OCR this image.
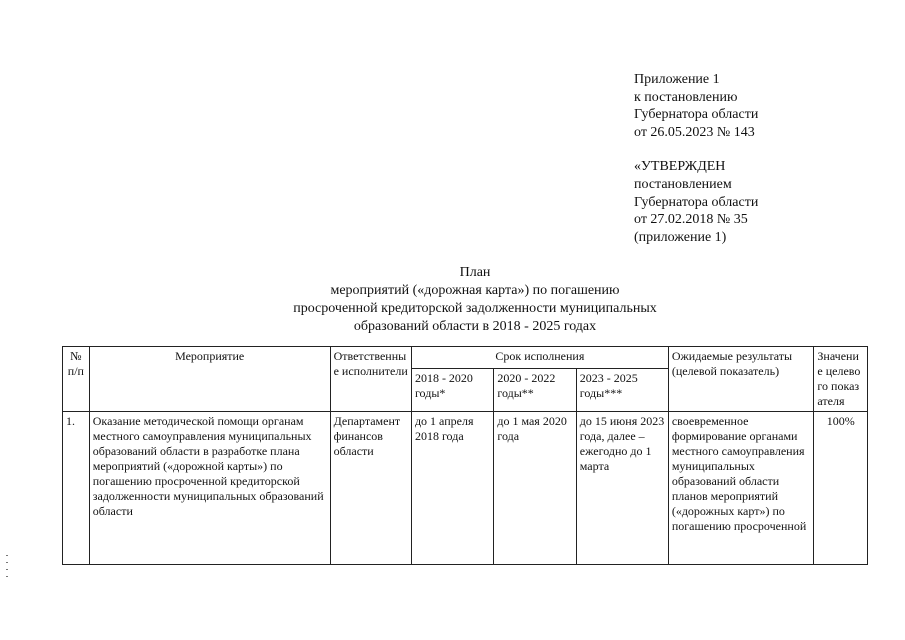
Приложение 1
к постановлению
Губернатора области
от 26.05.2023 № 143
«УТВЕРЖДЕН
постановлением
Губернатора области
от 27.02.2018 № 35
(приложение 1)
План
мероприятий («дорожная карта») по погашению
просроченной кредиторской задолженности муниципальных
образований области в 2018 - 2025 годах
№ п/п	Мероприятие	Ответственные исполнители	Срок исполнения			Ожидаемые результаты (целевой показатель)	Значение целевого показателя
			2018 - 2020 годы*	2020 - 2022 годы**	2023 - 2025 годы***		
1.	Оказание методической помощи органам местного самоуправления муниципальных образований области в разработке плана мероприятий («дорожной карты») по погашению просроченной кредиторской задолженности муниципальных образований области	Департамент финансов области	до 1 апреля 2018 года	до 1 мая 2020 года	до 15 июня 2023 года, далее – ежегодно до 1 марта	своевременное формирование органами местного самоуправления муниципальных образований области планов мероприятий («дорожных карт») по погашению просроченной	100%
